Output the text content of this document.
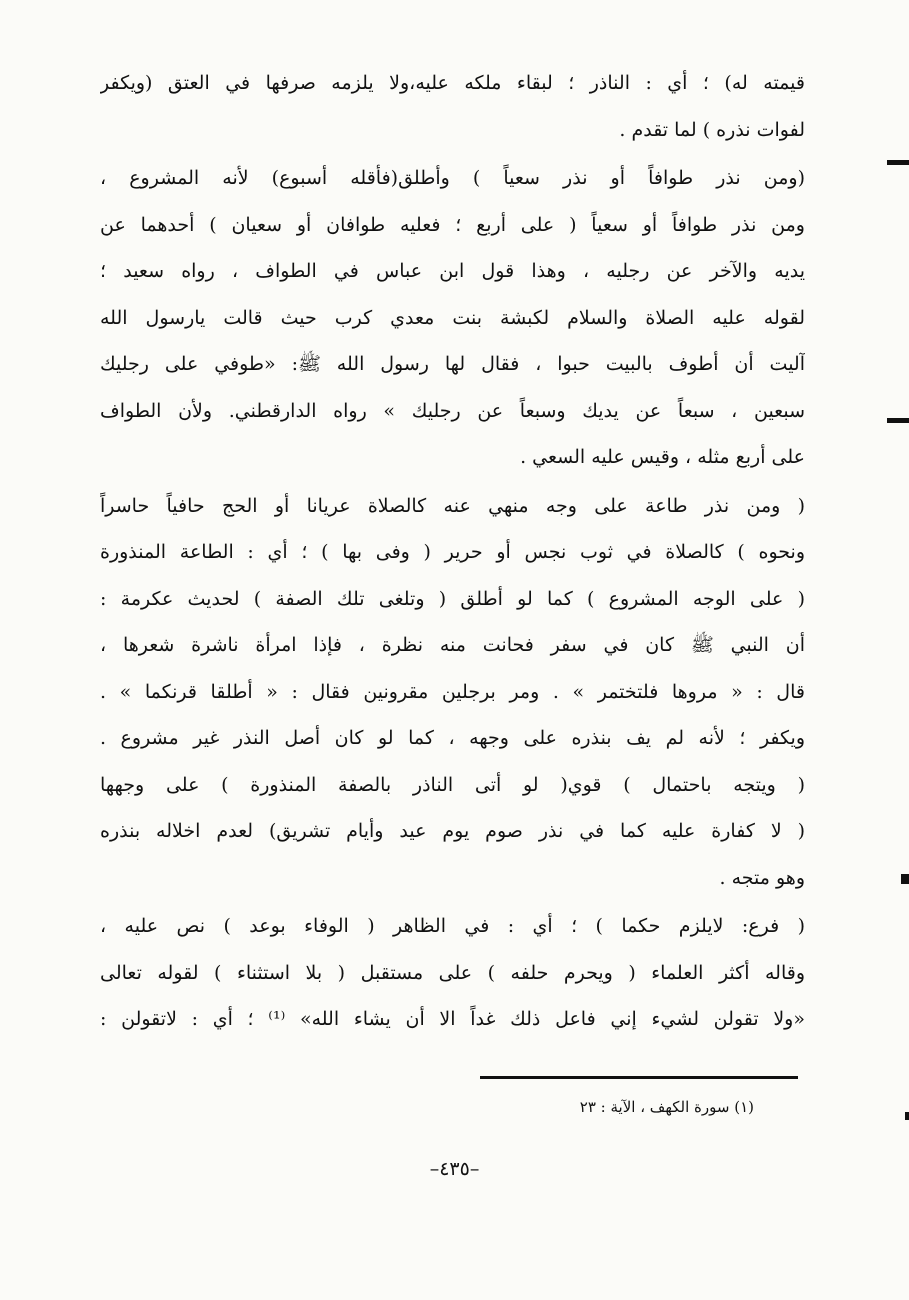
قيمته له) ؛ أي : الناذر ؛ لبقاء ملكه عليه،ولا يلزمه صرفها في العتق (ويكفر
لفوات نذره ) لما تقدم .
(ومن نذر طوافاً أو نذر سعياً ) وأطلق(فأقله أسبوع) لأنه المشروع ،
ومن نذر طوافاً أو سعياً ( على أربع ؛ فعليه طوافان أو سعيان ) أحدهما عن
يديه والآخر عن رجليه ، وهذا قول ابن عباس في الطواف ، رواه سعيد ؛
لقوله عليه الصلاة والسلام لكبشة بنت معدي كرب حيث قالت يارسول الله
آليت أن أطوف بالبيت حبوا ، فقال لها رسول الله ﷺ: «طوفي على رجليك
سبعين ، سبعاً عن يديك وسبعاً عن رجليك » رواه الدارقطني. ولأن الطواف
على أربع مثله ، وقيس عليه السعي .
( ومن نذر طاعة على وجه منهي عنه كالصلاة عريانا أو الحج حافياً حاسراً
ونحوه ) كالصلاة في ثوب نجس أو حرير ( وفى بها ) ؛ أي : الطاعة المنذورة
( على الوجه المشروع ) كما لو أطلق ( وتلغى تلك الصفة ) لحديث عكرمة :
أن النبي ﷺ كان في سفر فحانت منه نظرة ، فإذا امرأة ناشرة شعرها ،
قال : « مروها فلتختمر » . ومر برجلين مقرونين فقال : « أطلقا قرنكما » .
ويكفر ؛ لأنه لم يف بنذره على وجهه ، كما لو كان أصل النذر غير مشروع .
( ويتجه باحتمال ) قوي( لو أتى الناذر بالصفة المنذورة ) على وجهها
( لا كفارة عليه كما في نذر صوم يوم عيد وأيام تشريق) لعدم اخلاله بنذره
وهو متجه .
( فرع: لايلزم حكما ) ؛ أي : في الظاهر ( الوفاء بوعد ) نص عليه ،
وقاله أكثر العلماء ( ويحرم حلفه ) على مستقبل ( بلا استثناء ) لقوله تعالى
«ولا تقولن لشيء إني فاعل ذلك غداً الا أن يشاء الله» ⁽¹⁾ ؛ أي : لاتقولن :
(١) سورة الكهف ، الآية : ٢٣
–٤٣٥–
